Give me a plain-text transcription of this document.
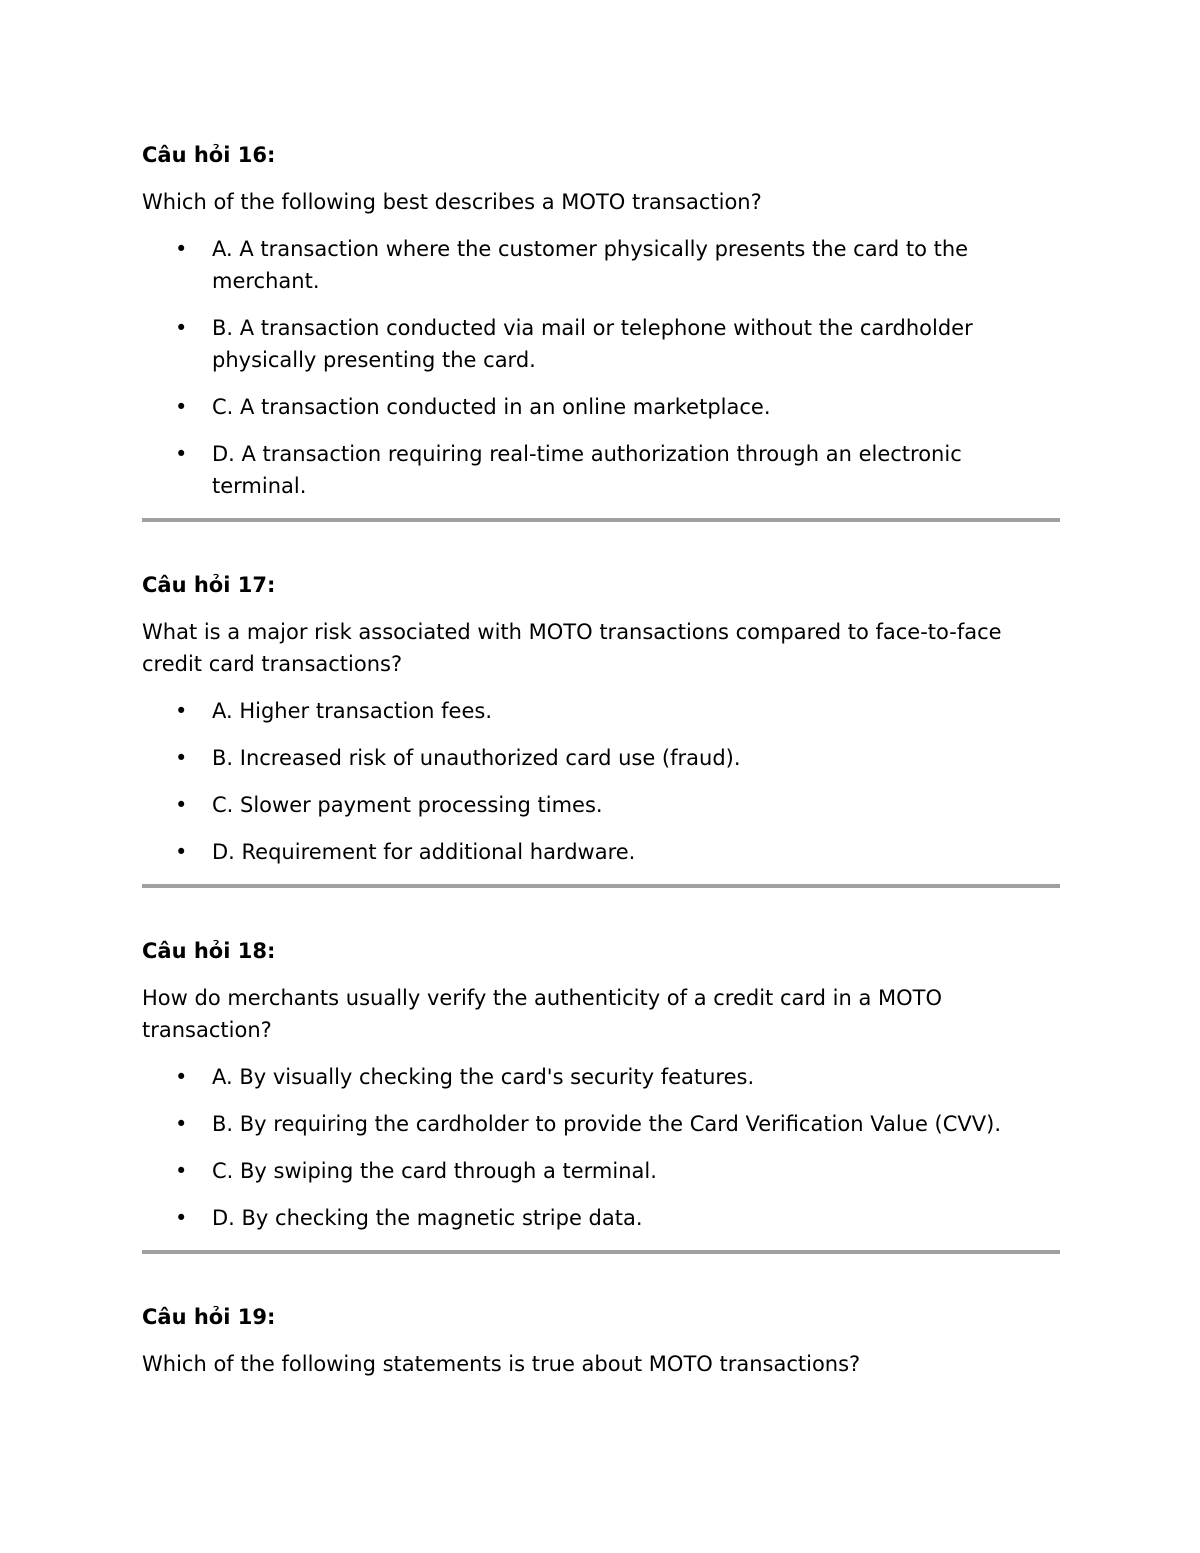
Câu hỏi 16:

Which of the following best describes a MOTO transaction?

• A. A transaction where the customer physically presents the card to the merchant.
• B. A transaction conducted via mail or telephone without the cardholder physically presenting the card.
• C. A transaction conducted in an online marketplace.
• D. A transaction requiring real-time authorization through an electronic terminal.

Câu hỏi 17:

What is a major risk associated with MOTO transactions compared to face-to-face credit card transactions?

• A. Higher transaction fees.
• B. Increased risk of unauthorized card use (fraud).
• C. Slower payment processing times.
• D. Requirement for additional hardware.

Câu hỏi 18:

How do merchants usually verify the authenticity of a credit card in a MOTO transaction?

• A. By visually checking the card's security features.
• B. By requiring the cardholder to provide the Card Verification Value (CVV).
• C. By swiping the card through a terminal.
• D. By checking the magnetic stripe data.

Câu hỏi 19:

Which of the following statements is true about MOTO transactions?
